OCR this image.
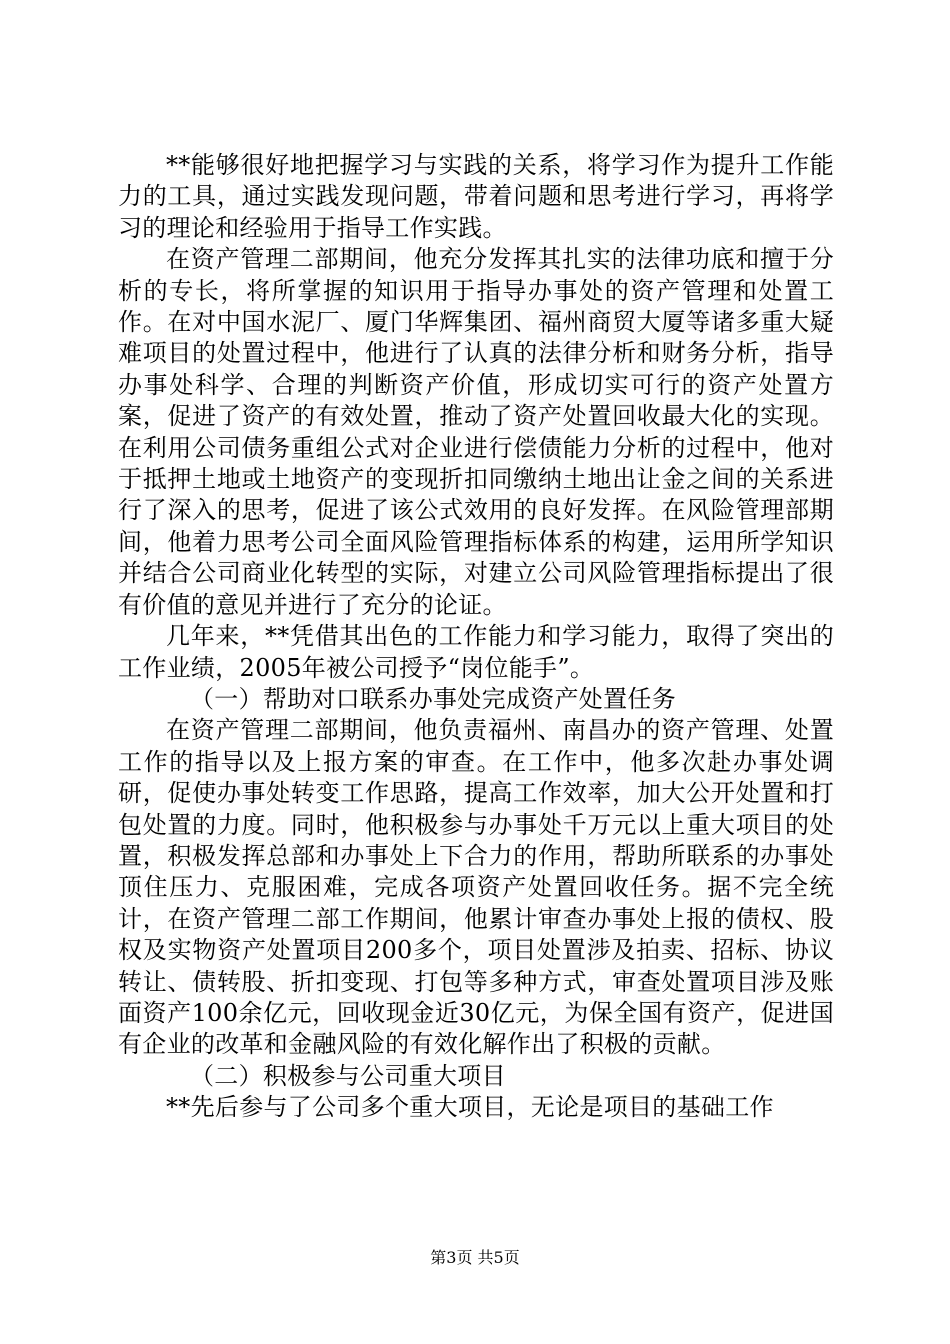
**能够很好地把握学习与实践的关系，将学习作为提升工作能力的工具，通过实践发现问题，带着问题和思考进行学习，再将学习的理论和经验用于指导工作实践。

在资产管理二部期间，他充分发挥其扎实的法律功底和擅于分析的专长，将所掌握的知识用于指导办事处的资产管理和处置工作。在对中国水泥厂、厦门华辉集团、福州商贸大厦等诸多重大疑难项目的处置过程中，他进行了认真的法律分析和财务分析，指导办事处科学、合理的判断资产价值，形成切实可行的资产处置方案，促进了资产的有效处置，推动了资产处置回收最大化的实现。在利用公司债务重组公式对企业进行偿债能力分析的过程中，他对于抵押土地或土地资产的变现折扣同缴纳土地出让金之间的关系进行了深入的思考，促进了该公式效用的良好发挥。在风险管理部期间，他着力思考公司全面风险管理指标体系的构建，运用所学知识并结合公司商业化转型的实际，对建立公司风险管理指标提出了很有价值的意见并进行了充分的论证。

几年来，**凭借其出色的工作能力和学习能力，取得了突出的工作业绩，2005年被公司授予“岗位能手”。

（一）帮助对口联系办事处完成资产处置任务

在资产管理二部期间，他负责福州、南昌办的资产管理、处置工作的指导以及上报方案的审查。在工作中，他多次赴办事处调研，促使办事处转变工作思路，提高工作效率，加大公开处置和打包处置的力度。同时，他积极参与办事处千万元以上重大项目的处置，积极发挥总部和办事处上下合力的作用，帮助所联系的办事处顶住压力、克服困难，完成各项资产处置回收任务。据不完全统计，在资产管理二部工作期间，他累计审查办事处上报的债权、股权及实物资产处置项目200多个，项目处置涉及拍卖、招标、协议转让、债转股、折扣变现、打包等多种方式，审查处置项目涉及账面资产100余亿元，回收现金近30亿元，为保全国有资产，促进国有企业的改革和金融风险的有效化解作出了积极的贡献。

（二）积极参与公司重大项目

**先后参与了公司多个重大项目，无论是项目的基础工作

第3页 共5页
